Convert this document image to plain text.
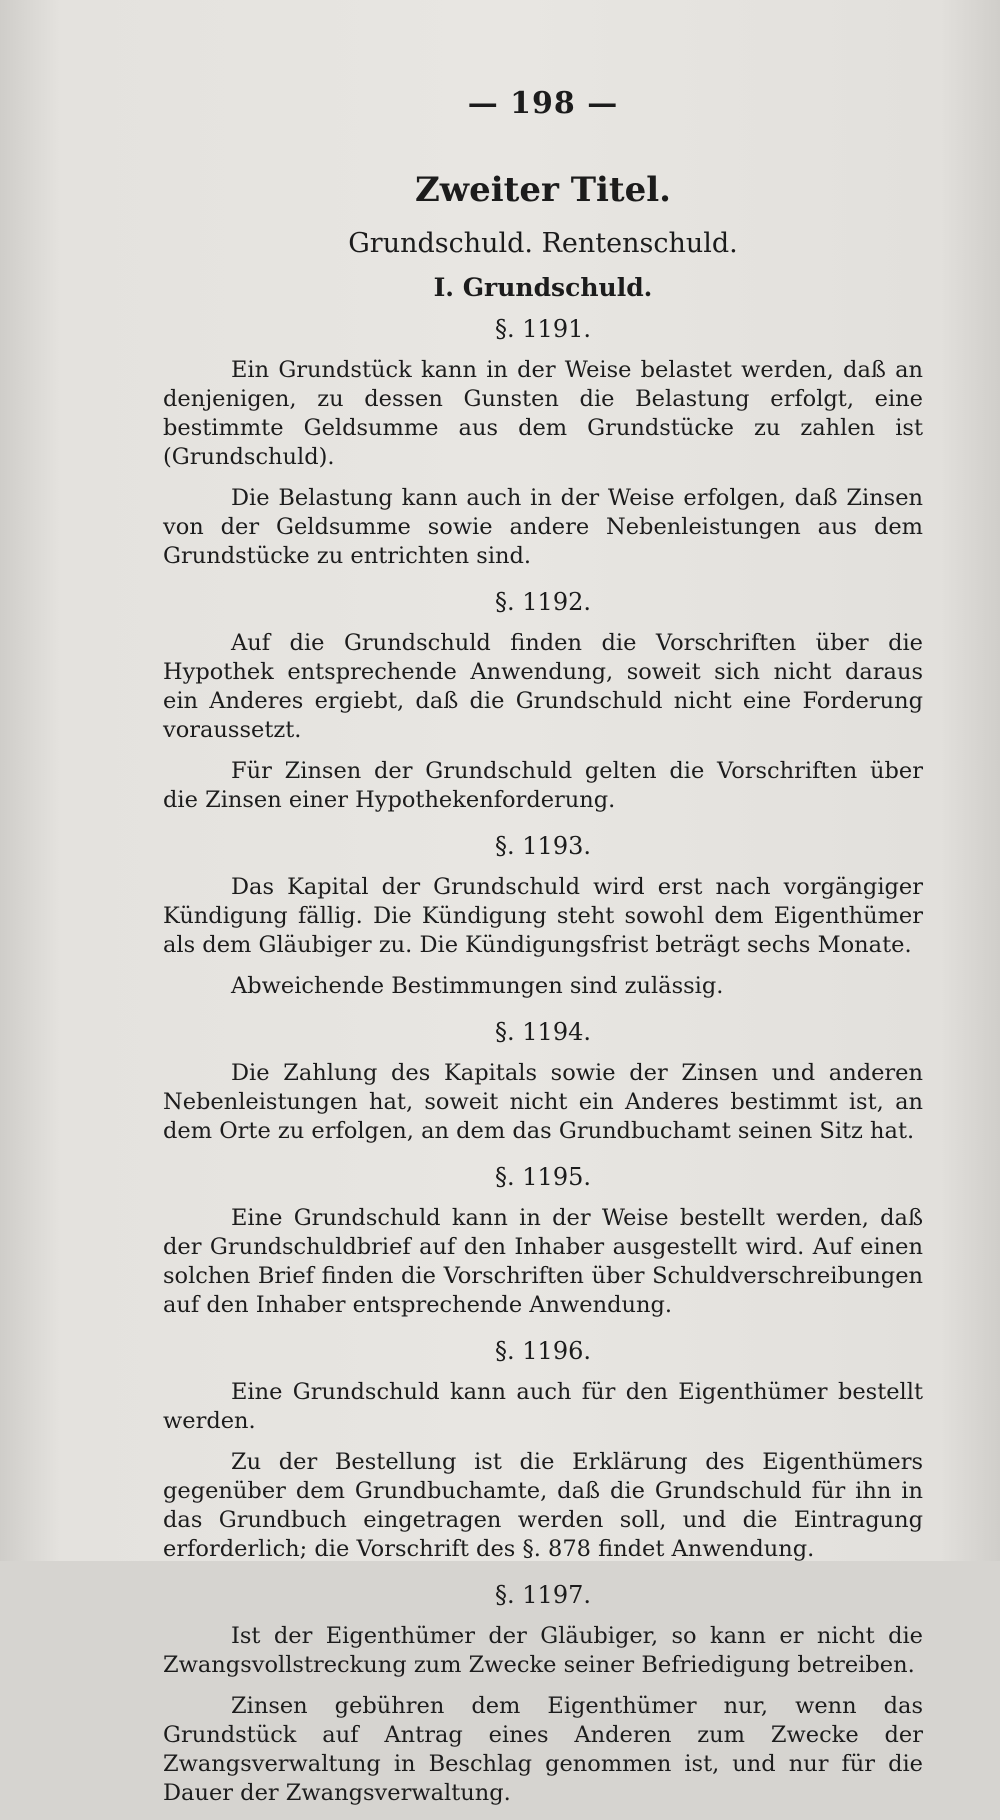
— 198 —
Zweiter Titel.
Grundschuld. Rentenschuld.
I. Grundschuld.
§. 1191.

Ein Grundstück kann in der Weise belastet werden, daß an denjenigen, zu dessen Gunsten die Belastung erfolgt, eine bestimmte Geldsumme aus dem Grundstücke zu zahlen ist (Grundschuld).

Die Belastung kann auch in der Weise erfolgen, daß Zinsen von der Geldsumme sowie andere Nebenleistungen aus dem Grundstücke zu entrichten sind.

§. 1192.

Auf die Grundschuld finden die Vorschriften über die Hypothek entsprechende Anwendung, soweit sich nicht daraus ein Anderes ergiebt, daß die Grundschuld nicht eine Forderung voraussetzt.

Für Zinsen der Grundschuld gelten die Vorschriften über die Zinsen einer Hypothekenforderung.

§. 1193.

Das Kapital der Grundschuld wird erst nach vorgängiger Kündigung fällig. Die Kündigung steht sowohl dem Eigenthümer als dem Gläubiger zu. Die Kündigungsfrist beträgt sechs Monate.

Abweichende Bestimmungen sind zulässig.

§. 1194.

Die Zahlung des Kapitals sowie der Zinsen und anderen Nebenleistungen hat, soweit nicht ein Anderes bestimmt ist, an dem Orte zu erfolgen, an dem das Grundbuchamt seinen Sitz hat.

§. 1195.

Eine Grundschuld kann in der Weise bestellt werden, daß der Grundschuldbrief auf den Inhaber ausgestellt wird. Auf einen solchen Brief finden die Vorschriften über Schuldverschreibungen auf den Inhaber entsprechende Anwendung.

§. 1196.

Eine Grundschuld kann auch für den Eigenthümer bestellt werden.

Zu der Bestellung ist die Erklärung des Eigenthümers gegenüber dem Grundbuchamte, daß die Grundschuld für ihn in das Grundbuch eingetragen werden soll, und die Eintragung erforderlich; die Vorschrift des §. 878 findet Anwendung.

§. 1197.

Ist der Eigenthümer der Gläubiger, so kann er nicht die Zwangsvollstreckung zum Zwecke seiner Befriedigung betreiben.

Zinsen gebühren dem Eigenthümer nur, wenn das Grundstück auf Antrag eines Anderen zum Zwecke der Zwangsverwaltung in Beschlag genommen ist, und nur für die Dauer der Zwangsverwaltung.
